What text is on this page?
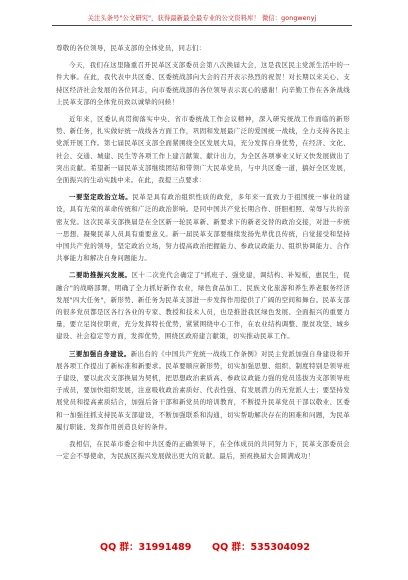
关注头条号"公文研究"，获得最新最全最专业的公文资料库！ 微信：gongwenyj

尊敬的各位领导，民革支部的全体党员，同志们：

今天，我们在这里隆重召开民革区支部委员会第八次换届大会，这是我区民主党派生活中的一件大事。在此，我代表中共区委、区委统战部向大会的召开表示热烈的祝贺！对长期以来关心、支持区经济社会发展的各位同志，向市委统战部的各位领导表示衷心的感谢！向辛勤工作在各条战线上民革支部的全体党员致以诚挚的问候！

近年来，区委认真贯彻落实中央、省市委统战工作会议精神，深入研究统战工作面临的新形势、新任务，扎实做好统一战线各方面工作，巩固和发展最广泛的爱国统一战线，全力支持各民主党派开展工作。第七届民革区支部全面紧围绕全区发展大局，充分发挥自身优势，在经济、文化、社会、交通、城建、民生等各项工作上建言献策、献计出力，为全区各项事业又好又快发展做出了突出贡献。希望新一届民革支部继续团结和带领广大民革党员，与中共区委一道，搞好全区发展，全面振兴的生动实践中来。在此，我提三点要求：

一要坚定政治立场。民革是具有政治组织性质的政党，多年来一直致力于祖国统一事业的建设，具有光荣的革命传统和广泛的政治影响。是同中国共产党长期合作、肝胆相照、荣辱与共的亲密友党。这次民革支部换届是在全区新一轮民革新、新要求下的新老交替的政治交接，对进一步统一思想、凝聚民革人员具有重要意义。新一届民革支部要继续发扬先辈优良传统，自觉接受和坚持中国共产党的领导，坚定政治立场，努力提高政治把握能力、参政议政能力、组织协调能力、合作共事能力和解决自身问题能力。

二要助推振兴发展。区十二次党代会确定了"抓班子、强党建，调结构、补短板，惠民生，促融合"的战略部署，明确了全力抓好新作农业，绿色食品加工、民族文化旅游和养生养老服务经济发展"四大任务"，新形势、新任务为民革支部进一步发挥作用提供了广阔的空间和舞台。民革支部的很多党员都是区各行各业的专家、教授和技术人员，也是推进我区绿色发展、全面振兴的重要力量，要立足岗位职责，充分发挥特长优势，紧紧围绕中心工作，在农业结构调整、脱贫攻坚、城乡建设、社会稳定等方面，发挥优势，围绕区政府建言献策，切实推动民革工作。

三要加强自身建设。新出台的《中国共产党统一战线工作条例》对民主党派加强自身建设和开展各项工作提出了新标准和新要求。民革要顺应新形势，切实加强思想、组织、制度特别是领导班子建设，要以此次支部换届为契机，把思想政治素质高、参政议政能力强的党员选拔为支部领导班子成员，要加快组织发展，注意吸收政治素质好、代表性强、有发展潜力的无党派人士；要坚持发展党员和提高素质结合，加强后备干部和新党员的培训教育，不断提升民革党员干部以敬业、区委和一加强往抓支持民革支部建设，不断加强联系和沟通，切实帮助解决存在的困难和问题，为民革履行职能、发挥作用创造良好的条件。

我相信，在民革市委会和中共区委的正确领导下，在全体成员的共同努力下，民革支部委员会一定会不辱使命，为民族区振兴发展做出更大的贡献。最后，预祝换届大会圆满成功！

QQ 群：31991489 QQ 群：535304092
